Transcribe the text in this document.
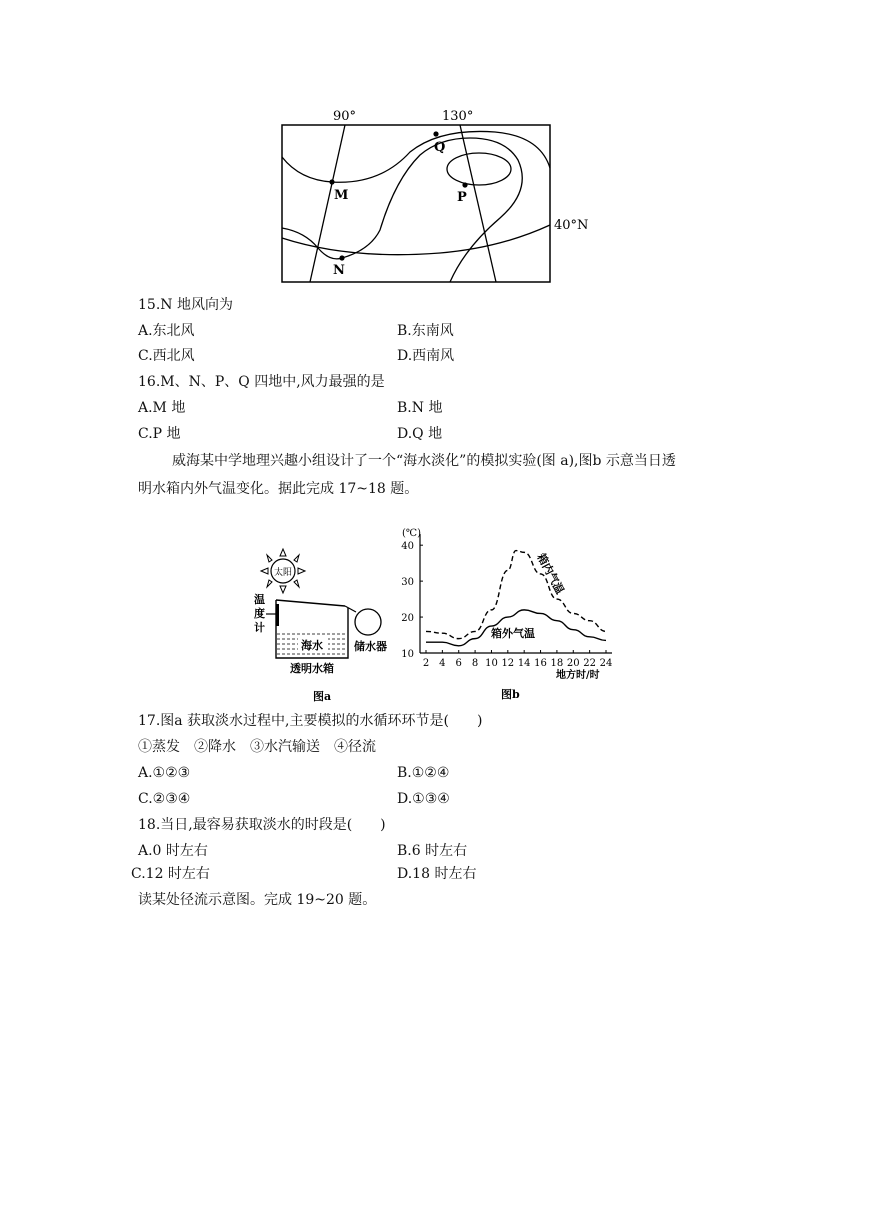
M
N
P
Q
90°	130°
40°N
15.N 地风向为
A.东北风	B.东南风
C.西北风	D.西南风
16.M、N、P、Q 四地中,风力最强的是
A.M 地	B.N 地
C.P 地	D.Q 地
威海某中学地理兴趣小组设计了一个“海水淡化”的模拟实验(图 a),图b 示意当日透
明水箱内外气温变化。据此完成 17~18 题。
太阳
温
度
计
海水
透明水箱
储水器
图a
(℃)
2 4 6 8 10 12 14 16 18 20 22 24
10
20
30
40
箱内气温
箱外气温
地方时/时
图b
17.图a 获取淡水过程中,主要模拟的水循环环节是(　　)
①蒸发　②降水　③水汽输送　④径流
A.①②③	B.①②④
C.②③④	D.①③④
18.当日,最容易获取淡水的时段是(　　)
A.0 时左右	B.6 时左右
C.12 时左右	D.18 时左右
读某处径流示意图。完成 19~20 题。
